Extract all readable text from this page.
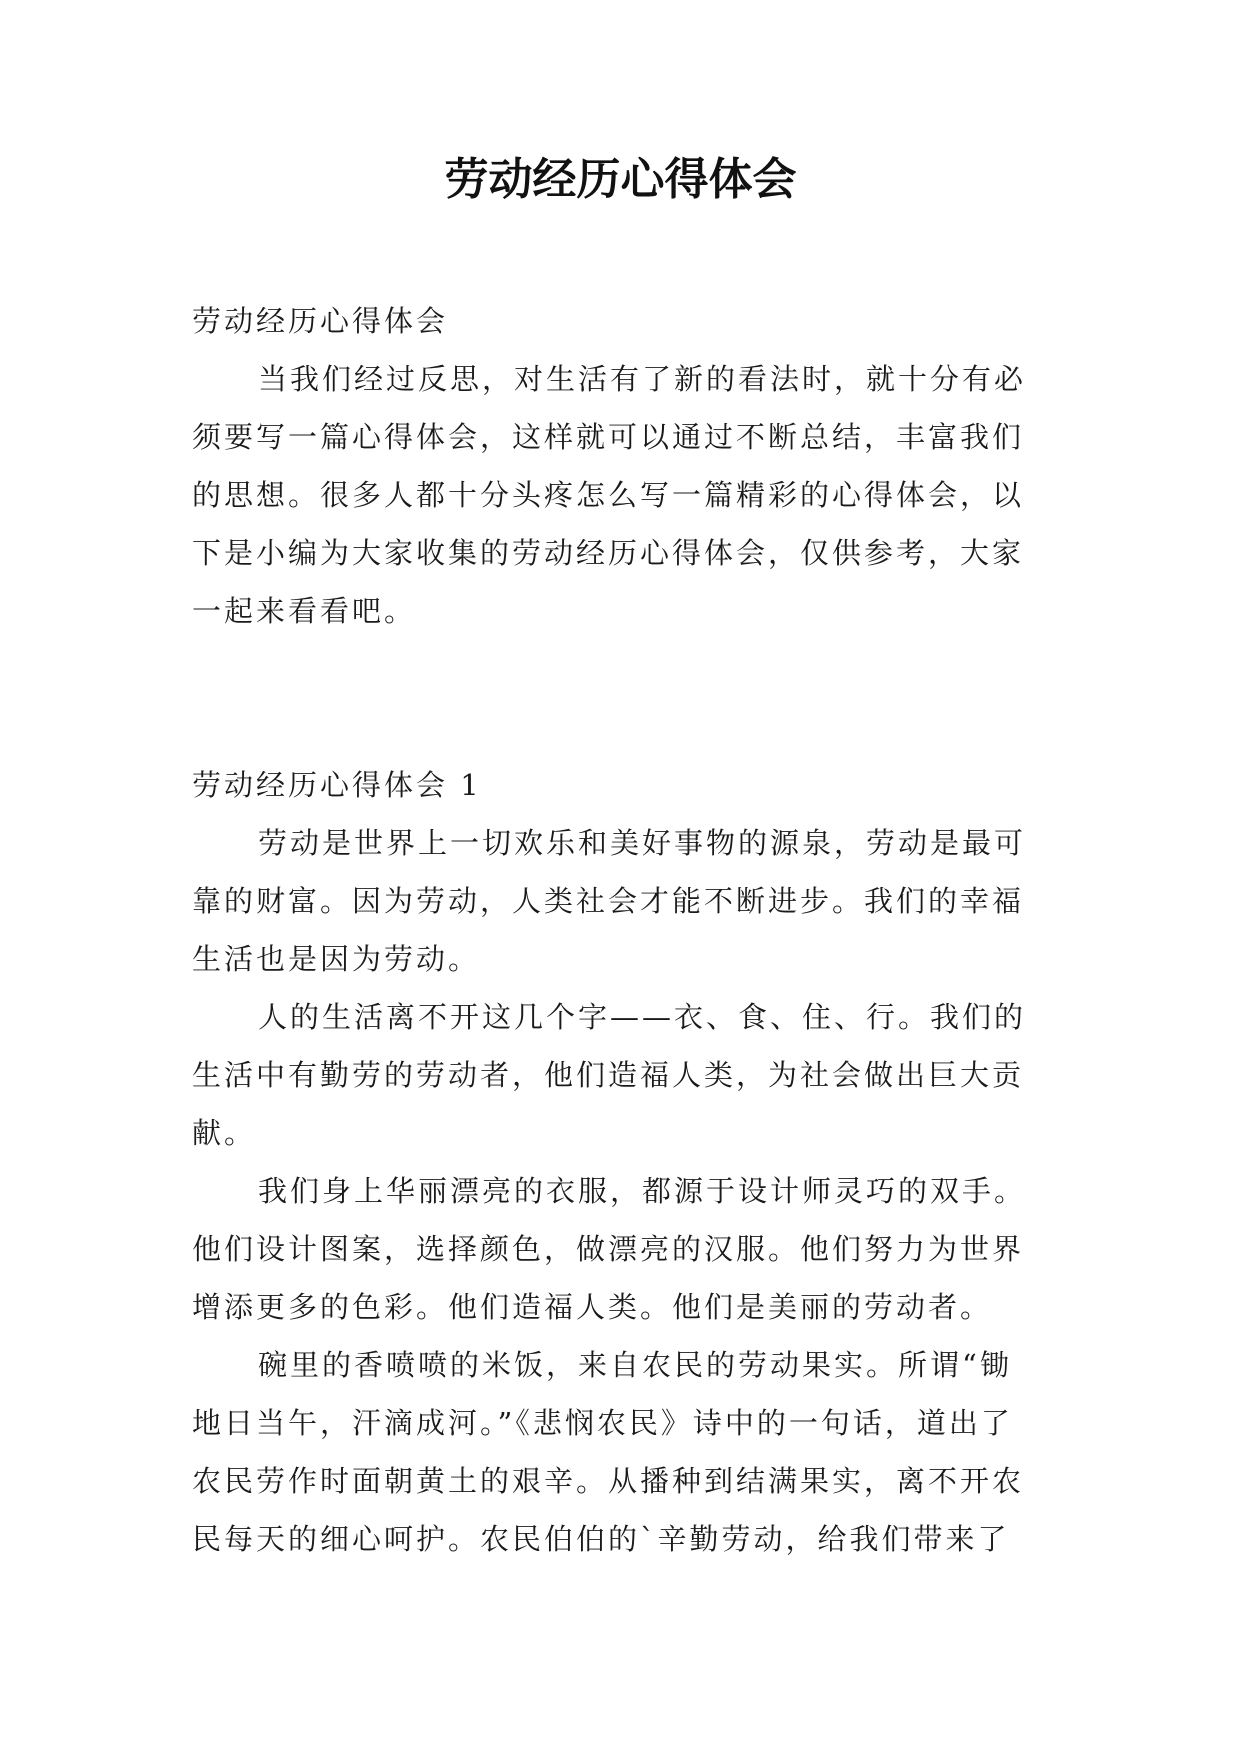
劳动经历心得体会

劳动经历心得体会

当我们经过反思，对生活有了新的看法时，就十分有必

须要写一篇心得体会，这样就可以通过不断总结，丰富我们

的思想。很多人都十分头疼怎么写一篇精彩的心得体会，以

下是小编为大家收集的劳动经历心得体会，仅供参考，大家

一起来看看吧。

劳动经历心得体会 1

劳动是世界上一切欢乐和美好事物的源泉，劳动是最可

靠的财富。因为劳动，人类社会才能不断进步。我们的幸福

生活也是因为劳动。

人的生活离不开这几个字——衣、食、住、行。我们的

生活中有勤劳的劳动者，他们造福人类，为社会做出巨大贡

献。

我们身上华丽漂亮的衣服，都源于设计师灵巧的双手。

他们设计图案，选择颜色，做漂亮的汉服。他们努力为世界

增添更多的色彩。他们造福人类。他们是美丽的劳动者。

碗里的香喷喷的米饭，来自农民的劳动果实。所谓“锄

地日当午，汗滴成河。”《悲悯农民》诗中的一句话，道出了

农民劳作时面朝黄土的艰辛。从播种到结满果实，离不开农

民每天的细心呵护。农民伯伯的`辛勤劳动，给我们带来了
